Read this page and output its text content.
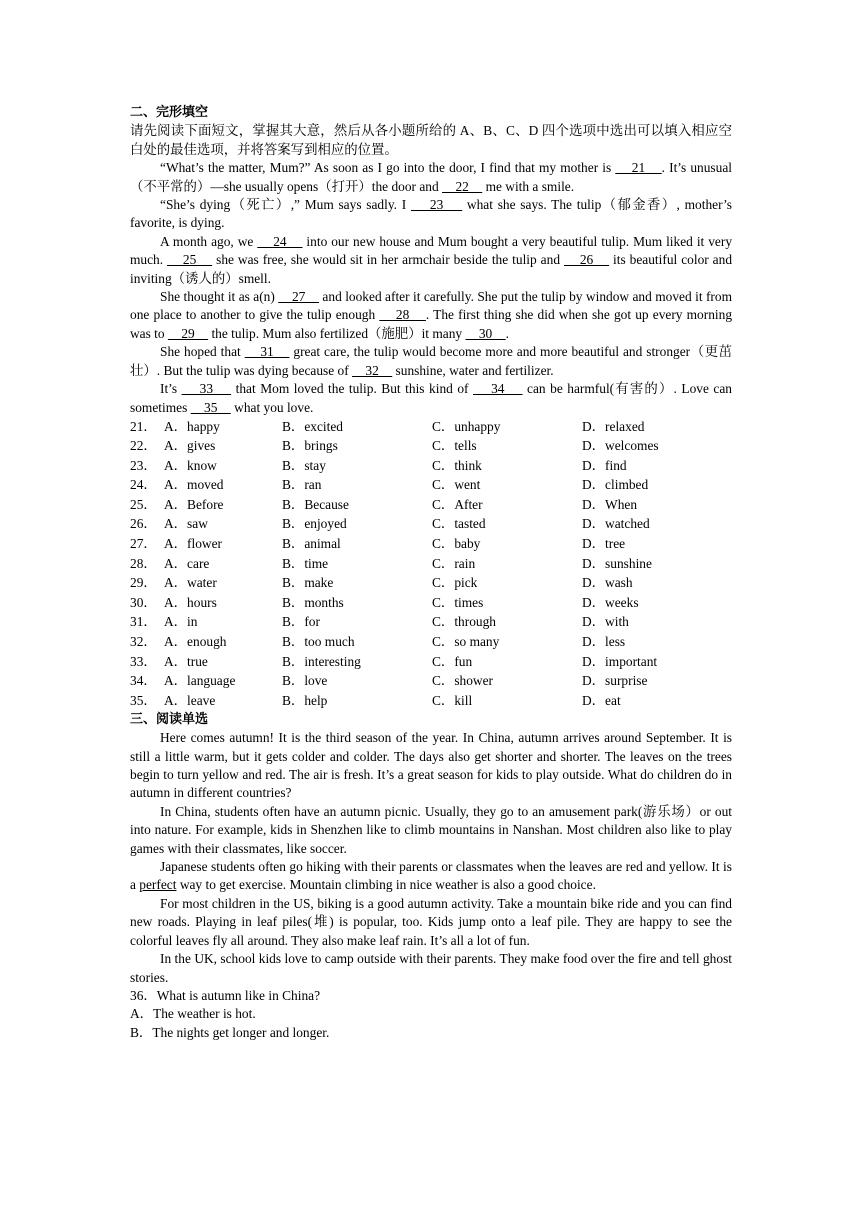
二、完形填空

请先阅读下面短文，掌握其大意，然后从各小题所给的 A、B、C、D 四个选项中选出可以填入相应空白处的最佳选项，并将答案写到相应的位置。

“What’s the matter, Mum?” As soon as I go into the door, I find that my mother is     21    . It’s unusual（不平常的）—she usually opens（打开）the door and     22     me with a smile.

“She’s dying（死亡）,” Mum says sadly. I     23     what she says. The tulip（郁金香）, mother’s favorite, is dying.

A month ago, we     24     into our new house and Mum bought a very beautiful tulip. Mum liked it very much.     25     she was free, she would sit in her armchair beside the tulip and     26     its beautiful color and inviting（诱人的）smell.

She thought it as a(n)     27     and looked after it carefully. She put the tulip by window and moved it from one place to another to give the tulip enough     28    . The first thing she did when she got up every morning was to     29     the tulip. Mum also fertilized（施肥）it many     30    .

She hoped that     31     great care, the tulip would become more and more beautiful and stronger（更茁壮）. But the tulip was dying because of     32     sunshine, water and fertilizer.

It’s     33     that Mom loved the tulip. But this kind of     34     can be harmful(有害的）. Love can sometimes     35     what you love.

21． A．happy	B．excited	C．unhappy	D．relaxed
22． A．gives	B．brings	C．tells	D．welcomes
23． A．know	B．stay	C．think	D．find
24． A．moved	B．ran	C．went	D．climbed
25． A．Before	B．Because	C．After	D．When
26． A．saw	B．enjoyed	C．tasted	D．watched
27． A．flower	B．animal	C．baby	D．tree
28． A．care	B．time	C．rain	D．sunshine
29． A．water	B．make	C．pick	D．wash
30． A．hours	B．months	C．times	D．weeks
31． A．in	B．for	C．through	D．with
32． A．enough	B．too much	C．so many	D．less
33． A．true	B．interesting	C．fun	D．important
34． A．language	B．love	C．shower	D．surprise
35． A．leave	B．help	C．kill	D．eat
三、阅读单选

Here comes autumn! It is the third season of the year. In China, autumn arrives around September. It is still a little warm, but it gets colder and colder. The days also get shorter and shorter. The leaves on the trees begin to turn yellow and red. The air is fresh. It’s a great season for kids to play outside. What do children do in autumn in different countries?

In China, students often have an autumn picnic. Usually, they go to an amusement park(游乐场）or out into nature. For example, kids in Shenzhen like to climb mountains in Nanshan. Most children also like to play games with their classmates, like soccer.

Japanese students often go hiking with their parents or classmates when the leaves are red and yellow. It is a perfect way to get exercise. Mountain climbing in nice weather is also a good choice.

For most children in the US, biking is a good autumn activity. Take a mountain bike ride and you can find new roads. Playing in leaf piles(堆) is popular, too. Kids jump onto a leaf pile. They are happy to see the colorful leaves fly all around. They also make leaf rain. It’s all a lot of fun.

In the UK, school kids love to camp outside with their parents. They make food over the fire and tell ghost stories.

36．What is autumn like in China?

A．The weather is hot.

B．The nights get longer and longer.
